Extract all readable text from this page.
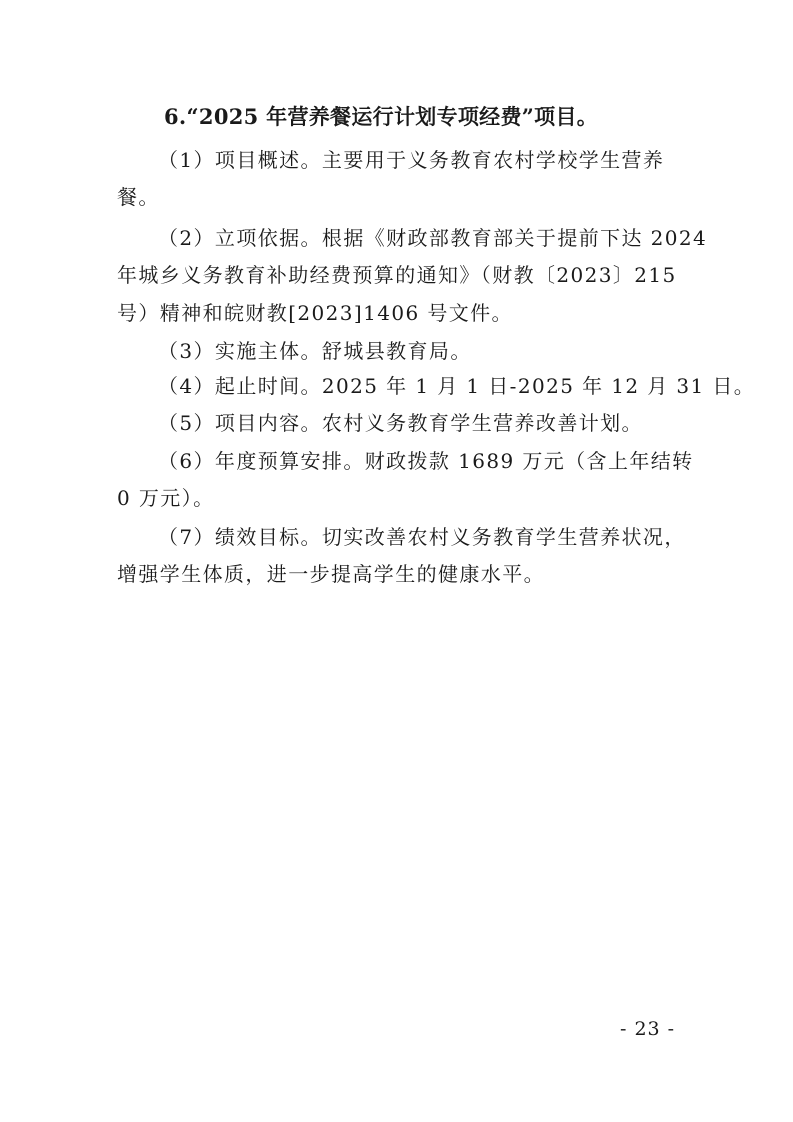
6.“2025 年营养餐运行计划专项经费”项目。
（1）项目概述。主要用于义务教育农村学校学生营养
餐。
（2）立项依据。根据《财政部教育部关于提前下达 2024
年城乡义务教育补助经费预算的通知》（财教〔2023〕215
号）精神和皖财教[2023]1406 号文件。
（3）实施主体。舒城县教育局。
（4）起止时间。2025 年 1 月 1 日-2025 年 12 月 31 日。
（5）项目内容。农村义务教育学生营养改善计划。
（6）年度预算安排。财政拨款 1689 万元（含上年结转
0 万元）。
（7）绩效目标。切实改善农村义务教育学生营养状况，
增强学生体质，进一步提高学生的健康水平。
- 23 -
